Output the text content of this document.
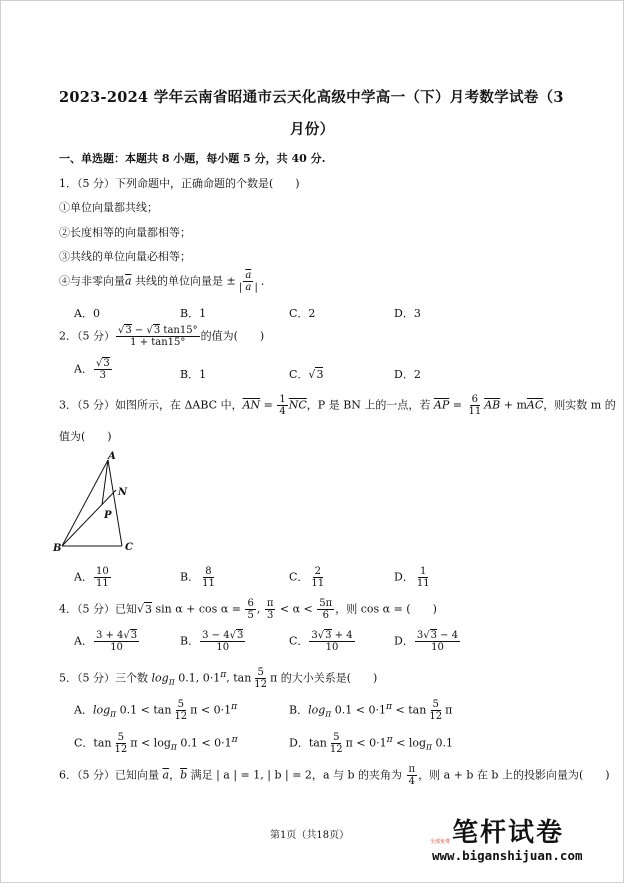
2023-2024 学年云南省昭通市云天化高级中学高一（下）月考数学试卷（3
月份）
一、单选题：本题共 8 小题，每小题 5 分，共 40 分.
1．（5 分）下列命题中，正确命题的个数是(　　)
①单位向量都共线；
②长度相等的向量都相等；
③共线的单位向量必相等；
④与非零向量$\overline{a}$ 共线的单位向量是 ± $\frac{\overline{a}}{| a |}$ ．
A．0	B．1	C．2	D．3
2．（5 分） $\frac{√3 - √3 \tan 15^\circ}{1 + \tan 15^\circ}$ 的值为(　　)
A． $\frac{√3}{3}$	B．1	C．√3	D．2
3．（5 分）如图所示，在 ΔABC 中，$\overline{AN} = \frac{1}{4} \overline{NC}$，P 是 BN 上的一点，若 $\overline{AP} = \frac{6}{11} \overline{AB} + m\overline{AC}$，则实数 m 的
值为(　　)
A
B	C
N
P
A． $\frac{10}{11}$	B． $\frac{8}{11}$	C． $\frac{2}{11}$	D． $\frac{1}{11}$
4．（5 分）已知√3 $\sin \alpha + \cos \alpha = \frac{6}{5}$ , $\frac{\pi}{3} < \alpha < \frac{5\pi}{6}$ ，则 cos α = (　　)
A． $\frac{3 + 4√3}{10}$	B． $\frac{3 - 4√3}{10}$	C． $\frac{3√3 + 4}{10}$	D． $\frac{3√3 - 4}{10}$
5．（5 分）三个数 $\log_\pi 0.1$, $0\cdot 1^\pi$, $\tan \frac{5}{12}$ π 的大小关系是(　　)
A．$\log_\pi 0.1 < \tan \frac{5}{12}$ $\pi < 0\cdot 1^\pi$	B．$\log_\pi 0.1 < 0\cdot 1^\pi < \tan \frac{5}{12}$ π
C．$\tan \frac{5}{12}$ $\pi < \log_\pi 0.1 < 0\cdot 1^\pi$	D．$\tan \frac{5}{12}$ $\pi < 0\cdot 1^\pi < \log_\pi 0.1$
6．（5 分）已知向量 $\overline{a}$，$\overline{b}$ 满足 | a | = 1, | b | = 2，a 与 b 的夹角为 $\frac{\pi}{4}$ ，则 a + b 在 b 上的投影向量为(　　)
第1页（共18页）	笔杆试卷
全部免费
www.biganshijuan.com
